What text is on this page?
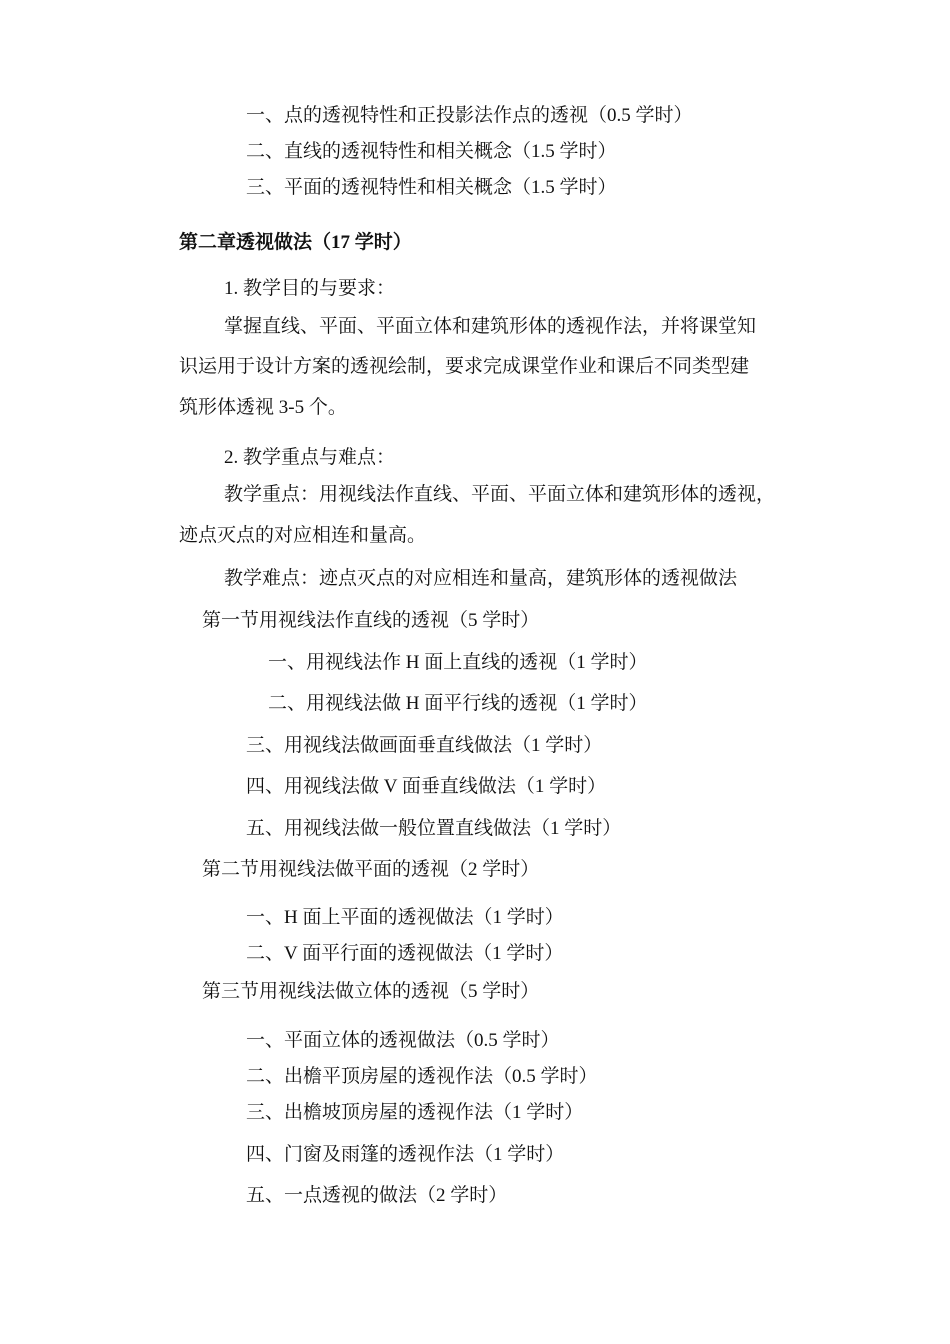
一、点的透视特性和正投影法作点的透视（0.5 学时）
二、直线的透视特性和相关概念（1.5 学时）
三、平面的透视特性和相关概念（1.5 学时）
第二章透视做法（17 学时）
1. 教学目的与要求：
掌握直线、平面、平面立体和建筑形体的透视作法，并将课堂知
识运用于设计方案的透视绘制，要求完成课堂作业和课后不同类型建
筑形体透视 3-5 个。
2. 教学重点与难点：
教学重点：用视线法作直线、平面、平面立体和建筑形体的透视，
迹点灭点的对应相连和量高。
教学难点：迹点灭点的对应相连和量高，建筑形体的透视做法
第一节用视线法作直线的透视（5 学时）
一、用视线法作 H 面上直线的透视（1 学时）
二、用视线法做 H 面平行线的透视（1 学时）
三、用视线法做画面垂直线做法（1 学时）
四、用视线法做 V 面垂直线做法（1 学时）
五、用视线法做一般位置直线做法（1 学时）
第二节用视线法做平面的透视（2 学时）
一、H 面上平面的透视做法（1 学时）
二、V 面平行面的透视做法（1 学时）
第三节用视线法做立体的透视（5 学时）
一、平面立体的透视做法（0.5 学时）
二、出檐平顶房屋的透视作法（0.5 学时）
三、出檐坡顶房屋的透视作法（1 学时）
四、门窗及雨篷的透视作法（1 学时）
五、一点透视的做法（2 学时）
